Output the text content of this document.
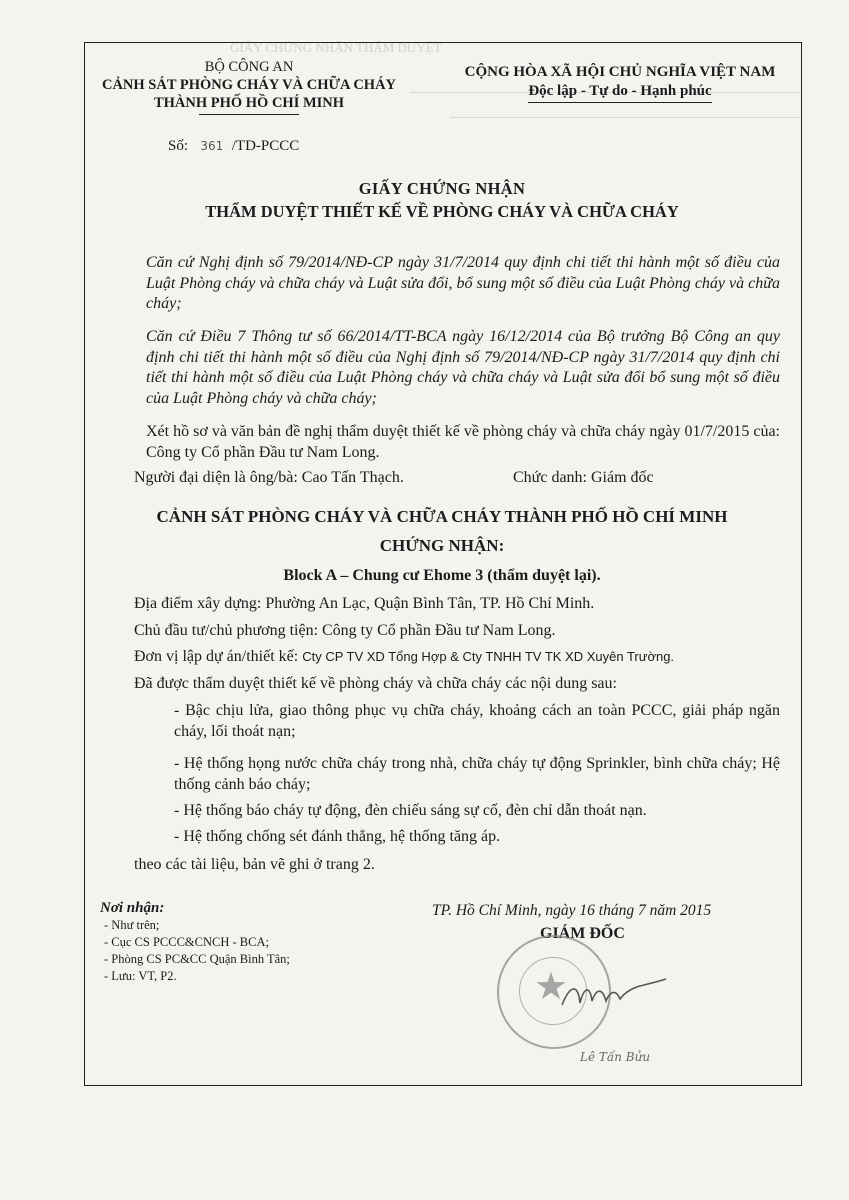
GIẤY CHỨNG NHẬN THẨM DUYỆT
BỘ CÔNG AN
CẢNH SÁT PHÒNG CHÁY VÀ CHỮA CHÁY
THÀNH PHỐ HỒ CHÍ MINH
Số: 361 /TD-PCCC
CỘNG HÒA XÃ HỘI CHỦ NGHĨA VIỆT NAM
Độc lập - Tự do - Hạnh phúc
GIẤY CHỨNG NHẬN
THẨM DUYỆT THIẾT KẾ VỀ PHÒNG CHÁY VÀ CHỮA CHÁY
Căn cứ Nghị định số 79/2014/NĐ-CP ngày 31/7/2014 quy định chi tiết thi hành một số điều của Luật Phòng cháy và chữa cháy và Luật sửa đổi, bổ sung một số điều của Luật Phòng cháy và chữa cháy;
Căn cứ Điều 7 Thông tư số 66/2014/TT-BCA ngày 16/12/2014 của Bộ trưởng Bộ Công an quy định chi tiết thi hành một số điều của Nghị định số 79/2014/NĐ-CP ngày 31/7/2014 quy định chi tiết thi hành một số điều của Luật Phòng cháy và chữa cháy và Luật sửa đổi bổ sung một số điều của Luật Phòng cháy và chữa cháy;
Xét hồ sơ và văn bản đề nghị thẩm duyệt thiết kế về phòng cháy và chữa cháy ngày 01/7/2015 của: Công ty Cổ phần Đầu tư Nam Long.
Người đại diện là ông/bà: Cao Tấn Thạch.	Chức danh: Giám đốc
CẢNH SÁT PHÒNG CHÁY VÀ CHỮA CHÁY THÀNH PHỐ HỒ CHÍ MINH
CHỨNG NHẬN:
Block A – Chung cư Ehome 3 (thẩm duyệt lại).
Địa điểm xây dựng: Phường An Lạc, Quận Bình Tân, TP. Hồ Chí Minh.
Chủ đầu tư/chủ phương tiện: Công ty Cổ phần Đầu tư Nam Long.
Đơn vị lập dự án/thiết kế: Cty CP TV XD Tổng Hợp & Cty TNHH TV TK XD Xuyên Trường.
Đã được thẩm duyệt thiết kế về phòng cháy và chữa cháy các nội dung sau:
- Bậc chịu lửa, giao thông phục vụ chữa cháy, khoảng cách an toàn PCCC, giải pháp ngăn cháy, lối thoát nạn;
- Hệ thống họng nước chữa cháy trong nhà, chữa cháy tự động Sprinkler, bình chữa cháy; Hệ thống cảnh báo cháy;
- Hệ thống báo cháy tự động, đèn chiếu sáng sự cố, đèn chỉ dẫn thoát nạn.
- Hệ thống chống sét đánh thẳng, hệ thống tăng áp.
theo các tài liệu, bản vẽ ghi ở trang 2.
Nơi nhận:
- Như trên;
- Cục CS PCCC&CNCH - BCA;
- Phòng CS PC&CC Quận Bình Tân;
- Lưu: VT, P2.
TP. Hồ Chí Minh, ngày 16 tháng 7 năm 2015
GIÁM ĐỐC
★
Lê Tấn Bửu
